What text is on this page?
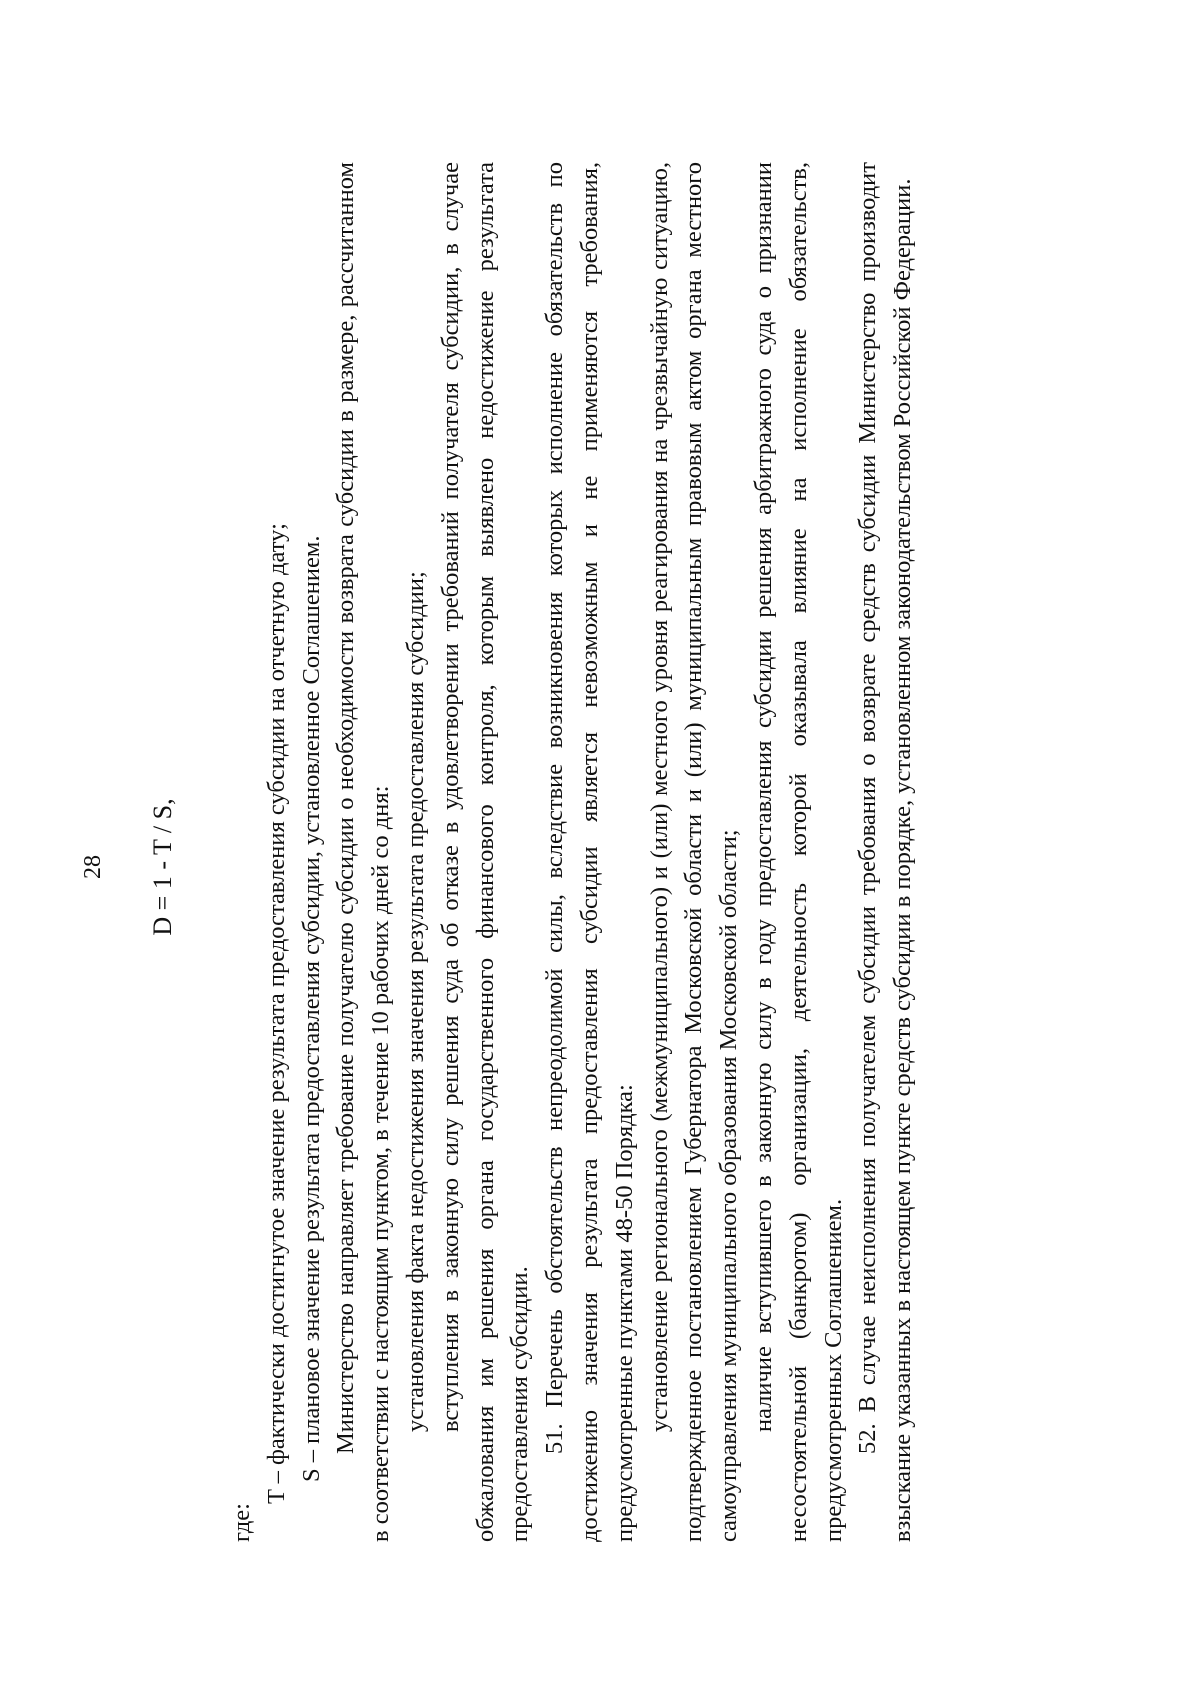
28 D = 1 - T / S,

где:

T – фактически достигнутое значение результата предоставления субсидии на отчетную дату; S – плановое значение результата предоставления субсидии, установленное Соглашением. Министерство направляет требование получателю субсидии о необходимости возврата субсидии в размере, рассчитанном в соответствии с настоящим пунктом, в течение 10 рабочих дней со дня: установления факта недостижения значения результата предоставления субсидии; вступления в законную силу решения суда об отказе в удовлетворении требований получателя субсидии, в случае обжалования им решения органа государственного финансового контроля, которым выявлено недостижение результата предоставления субсидии. 51. Перечень обстоятельств непреодолимой силы, вследствие возникновения которых исполнение обязательств по достижению значения результата предоставления субсидии является невозможным и не применяются требования, предусмотренные пунктами 48-50 Порядка: установление регионального (межмуниципального) и (или) местного уровня реагирования на чрезвычайную ситуацию, подтвержденное постановлением Губернатора Московской области и (или) муниципальным правовым актом органа местного самоуправления муниципального образования Московской области; наличие вступившего в законную силу в году предоставления субсидии решения арбитражного суда о признании несостоятельной (банкротом) организации, деятельность которой оказывала влияние на исполнение обязательств, предусмотренных Соглашением. 52. В случае неисполнения получателем субсидии требования о возврате средств субсидии Министерство производит взыскание указанных в настоящем пункте средств субсидии в порядке, установленном законодательством Российской Федерации.
